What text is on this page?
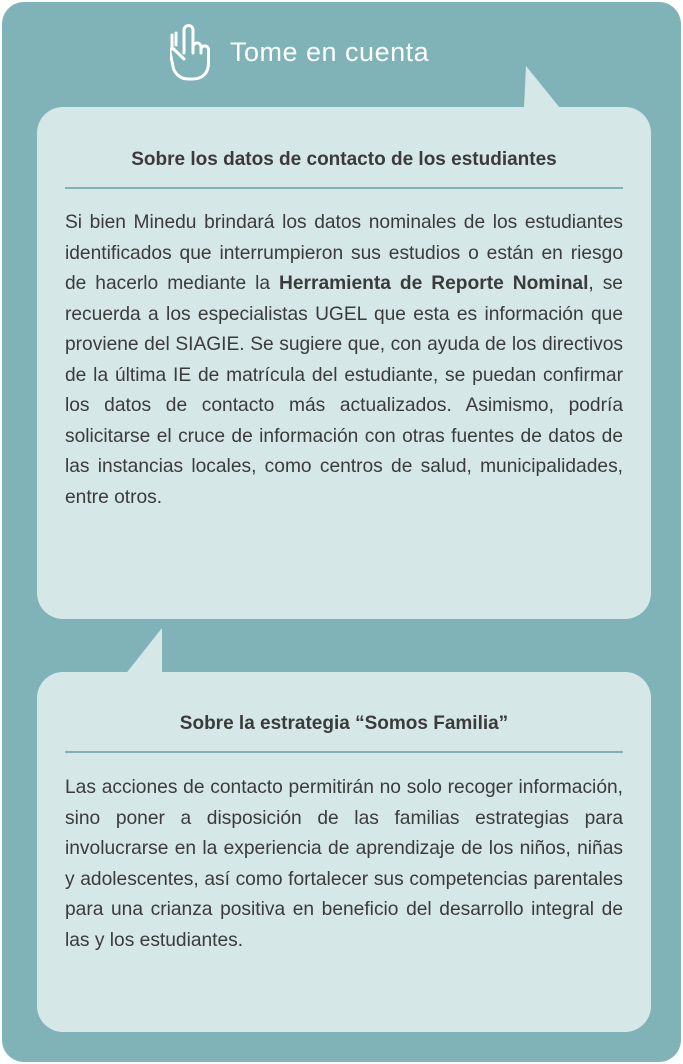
Tome en cuenta
Sobre los datos de contacto de los estudiantes

Si bien Minedu brindará los datos nominales de los estudiantes identificados que interrumpieron sus estudios o están en riesgo de hacerlo mediante la Herramienta de Reporte Nominal, se recuerda a los especialistas UGEL que esta es información que proviene del SIAGIE. Se sugiere que, con ayuda de los directivos de la última IE de matrícula del estudiante, se puedan confirmar los datos de contacto más actualizados. Asimismo, podría solicitarse el cruce de información con otras fuentes de datos de las instancias locales, como centros de salud, municipalidades, entre otros.

Sobre la estrategia “Somos Familia”

Las acciones de contacto permitirán no solo recoger información, sino poner a disposición de las familias estrategias para involucrarse en la experiencia de aprendizaje de los niños, niñas y adolescentes, así como fortalecer sus competencias parentales para una crianza positiva en beneficio del desarrollo integral de las y los estudiantes.
